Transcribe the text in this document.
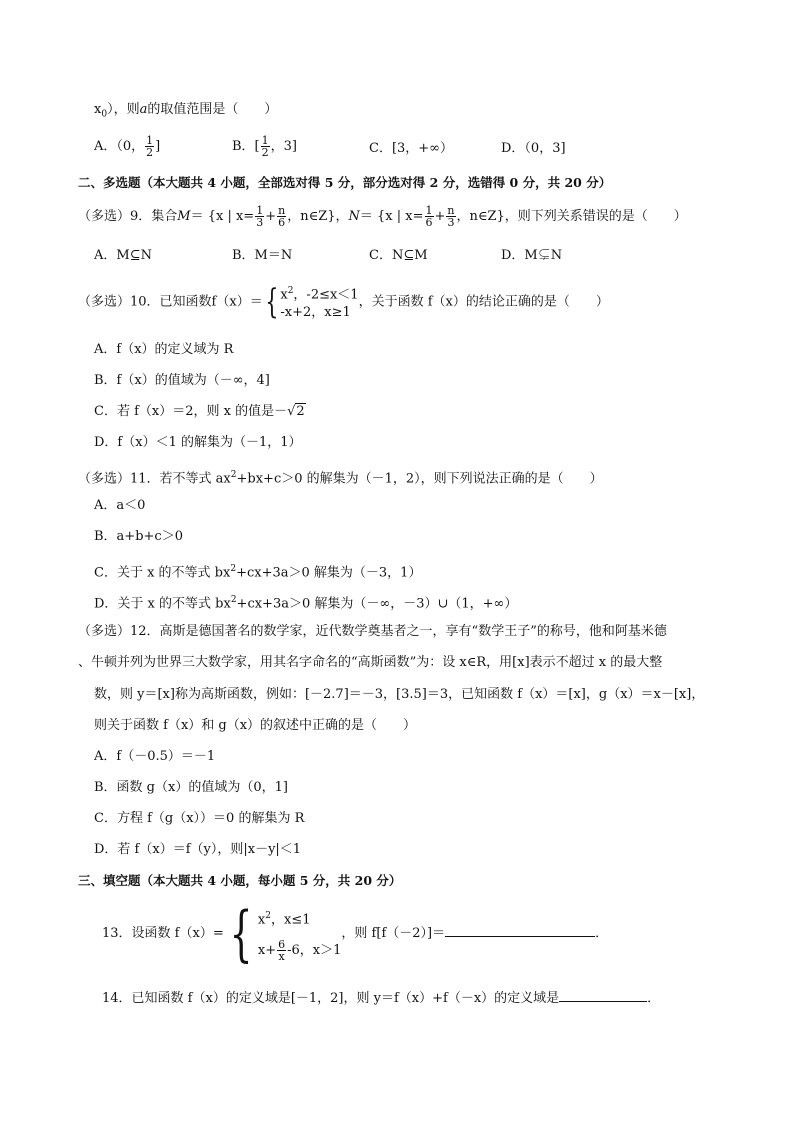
$x_0$），则a的取值范围是（　　）
A．（0， $\frac{1}{2}$ ]	B．[ $\frac{1}{2}$ ，3]	C．[3，+∞）	D．（0，3]
二、多选题（本大题共 4 小题，全部选对得 5 分，部分选对得 2 分，选错得 0 分，共 20 分）
（多选）9．集合M＝ {x | $x= \frac{1}{3} + \frac{n}{6}$ ，n∈Z}，N＝ {x | $x= \frac{1}{6} + \frac{n}{3}$ ，n∈Z}，则下列关系错误的是（　　）
A．M⊆N	B．M＝N	C．N⊆M	D．M⊊N
（多选）10．已知函数f（x）＝{ $x^2$，-2≤x＜1
-x+2，x≥1
，关于函数 f（x）的结论正确的是（　　）
A．f（x）的定义域为 R
B．f（x）的值域为（－∞，4]
C．若 f（x）＝2，则 x 的值是－√2
D．f（x）＜1 的解集为（－1，1）
（多选）11．若不等式 $ax^2+bx+c>0$ 的解集为（－1，2），则下列说法正确的是（　　）
A．a＜0
B．a+b+c＞0
C．关于 x 的不等式 $bx^2+cx+3a>0$ 解集为（－3，1）
D．关于 x 的不等式 $bx^2+cx+3a>0$ 解集为（－∞，－3）∪（1，+∞）
（多选）12．高斯是德国著名的数学家，近代数学奠基者之一，享有“数学王子”的称号，他和阿基米德
、牛顿并列为世界三大数学家，用其名字命名的“高斯函数”为：设 x∈R，用[x]表示不超过 x 的最大整
数，则 y＝[x]称为高斯函数，例如：[－2.7]＝－3，[3.5]＝3，已知函数 f（x）＝[x]，g（x）＝x－[x]，
则关于函数 f（x）和 g（x）的叙述中正确的是（　　）
A．f（－0.5）＝－1
B．函数 g（x）的值域为（0，1]
C．方程 f（g（x））＝0 的解集为 R
D．若 f（x）＝f（y），则|x－y|＜1
三、填空题（本大题共 4 小题，每小题 5 分，共 20 分）
13．设函数 f（x）={ $x^2$，x≤1
$x+ \frac{6}{x} -6$，x＞1
，则 f[f（－2）]＝	．
14．已知函数 f（x）的定义域是[－1，2]，则 y＝f（x）+f（－x）的定义域是	．
